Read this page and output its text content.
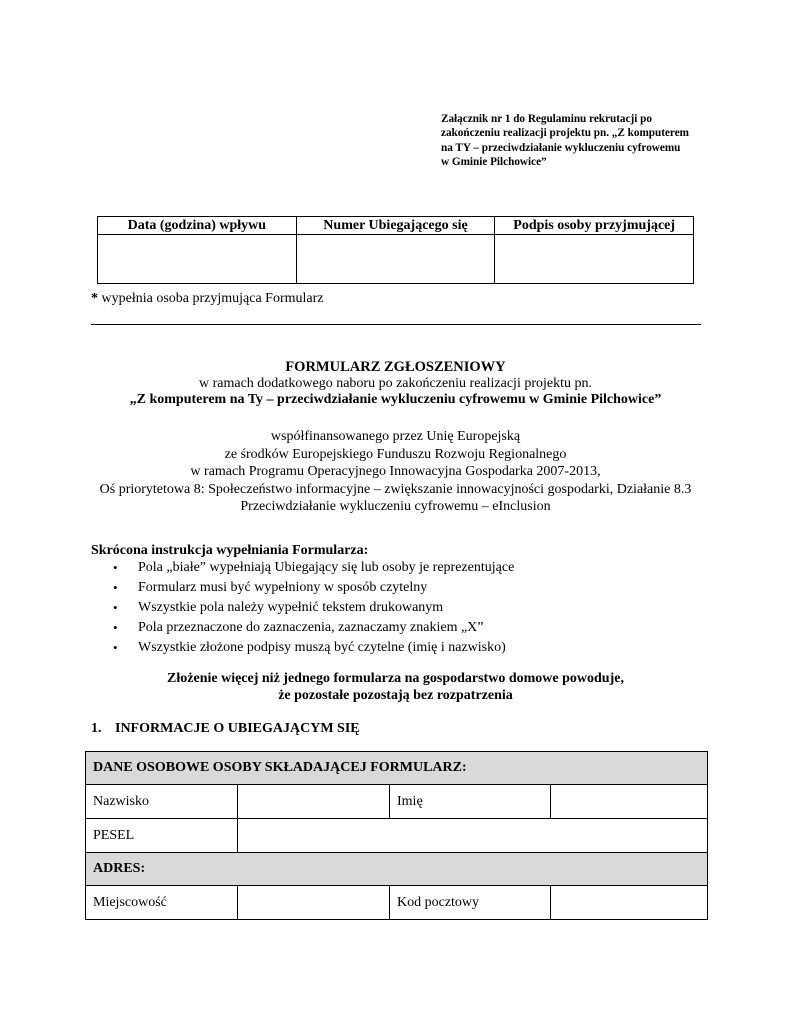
Załącznik nr 1 do Regulaminu rekrutacji po
zakończeniu realizacji projektu pn. „Z komputerem
na TY – przeciwdziałanie wykluczeniu cyfrowemu
w Gminie Pilchowice”
Data (godzina) wpływu	Numer Ubiegającego się	Podpis osoby przyjmującej

* wypełnia osoba przyjmująca Formularz
FORMULARZ ZGŁOSZENIOWY
w ramach dodatkowego naboru po zakończeniu realizacji projektu pn.
„Z komputerem na Ty – przeciwdziałanie wykluczeniu cyfrowemu w Gminie Pilchowice”
współfinansowanego przez Unię Europejską
ze środków Europejskiego Funduszu Rozwoju Regionalnego
w ramach Programu Operacyjnego Innowacyjna Gospodarka 2007-2013,
Oś priorytetowa 8: Społeczeństwo informacyjne – zwiększanie innowacyjności gospodarki, Działanie 8.3
Przeciwdziałanie wykluczeniu cyfrowemu – eInclusion
Skrócona instrukcja wypełniania Formularza:
• Pola „białe” wypełniają Ubiegający się lub osoby je reprezentujące
• Formularz musi być wypełniony w sposób czytelny
• Wszystkie pola należy wypełnić tekstem drukowanym
• Pola przeznaczone do zaznaczenia, zaznaczamy znakiem „X”
• Wszystkie złożone podpisy muszą być czytelne (imię i nazwisko)
Złożenie więcej niż jednego formularza na gospodarstwo domowe powoduje,
że pozostałe pozostają bez rozpatrzenia
1. INFORMACJE O UBIEGAJĄCYM SIĘ
DANE OSOBOWE OSOBY SKŁADAJĄCEJ FORMULARZ:			
Nazwisko		Imię	
PESEL			
ADRES:			
Miejscowość		Kod pocztowy	
